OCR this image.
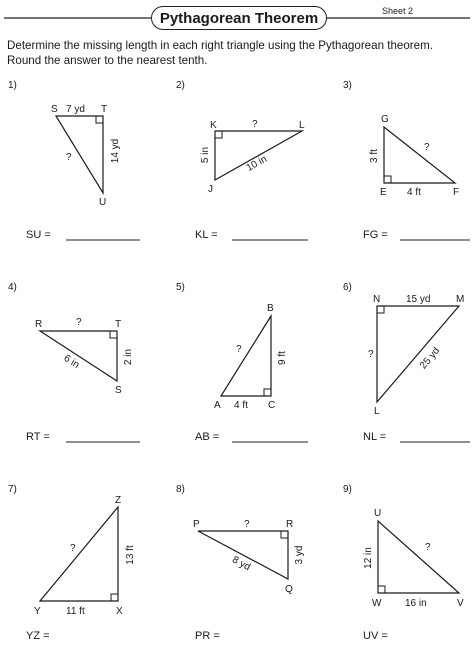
Pythagorean Theorem	Sheet 2
Determine the missing length in each right triangle using the Pythagorean theorem. Round the answer to the nearest tenth.
1)	2)	3)
4)	5)	6)
7)	8)	9)
SU =	KL =	FG =
RT =	AB =	NL =
YZ =	PR =	UV =
S	T
U
7 yd
14 yd
?
K	L
J
?
5 in	10 in
G
E	F
3 ft
4 ft
?
R	T
S
?
2 in
6 in
B
A	C
9 ft
4 ft
?
N	M
L
15 yd
?	25 yd
Z
Y	X
13 ft
11 ft
?
P	R
Q
?
3 yd
8 yd
U
W	V
12 in
16 in
?
